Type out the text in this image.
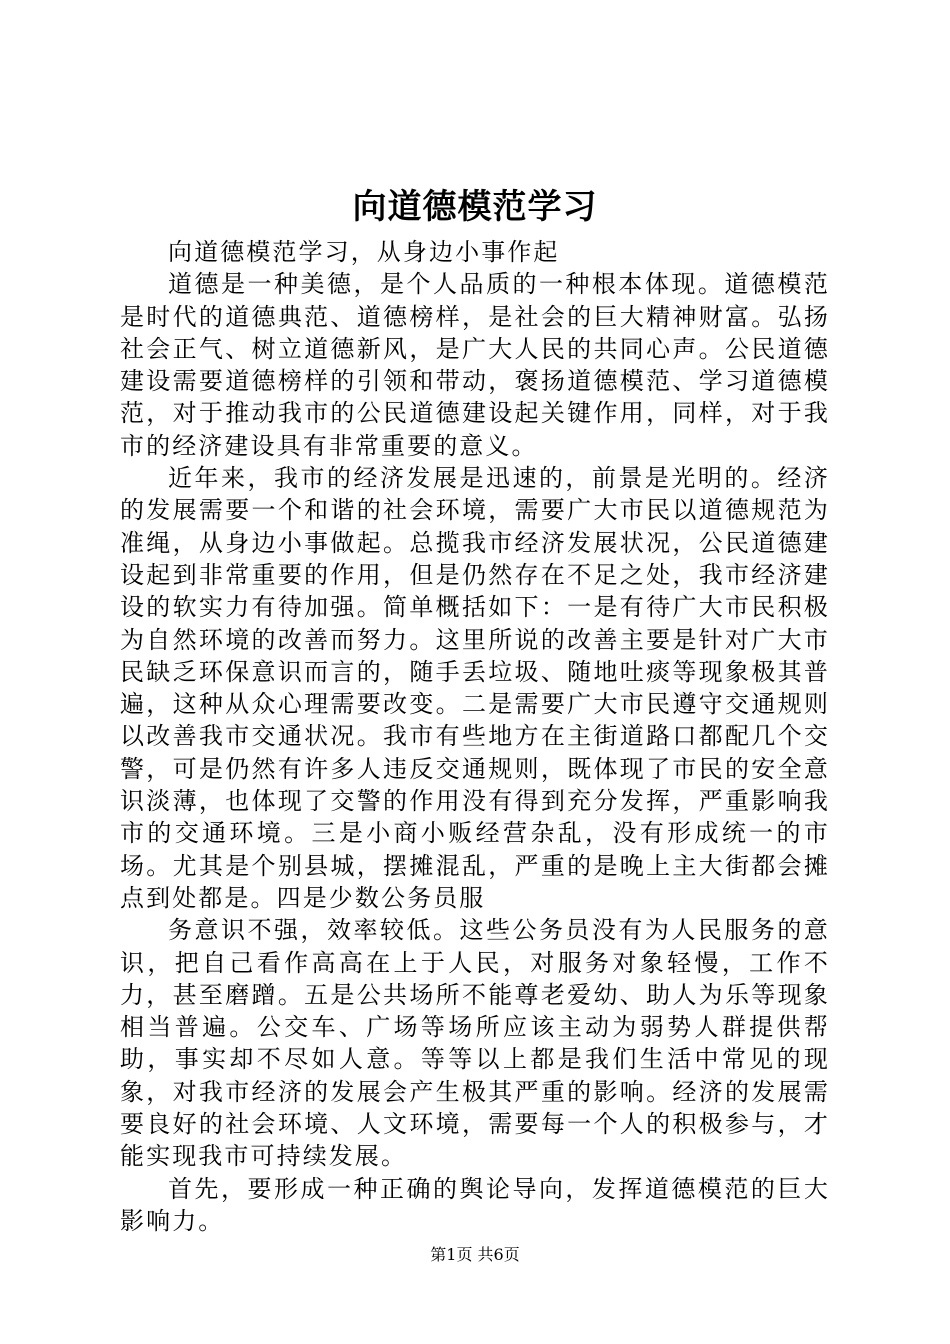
向道德模范学习

向道德模范学习，从身边小事作起

道德是一种美德，是个人品质的一种根本体现。道德模范是时代的道德典范、道德榜样，是社会的巨大精神财富。弘扬社会正气、树立道德新风，是广大人民的共同心声。公民道德建设需要道德榜样的引领和带动，褒扬道德模范、学习道德模范，对于推动我市的公民道德建设起关键作用，同样，对于我市的经济建设具有非常重要的意义。

近年来，我市的经济发展是迅速的，前景是光明的。经济的发展需要一个和谐的社会环境，需要广大市民以道德规范为准绳，从身边小事做起。总揽我市经济发展状况，公民道德建设起到非常重要的作用，但是仍然存在不足之处，我市经济建设的软实力有待加强。简单概括如下：一是有待广大市民积极为自然环境的改善而努力。这里所说的改善主要是针对广大市民缺乏环保意识而言的，随手丢垃圾、随地吐痰等现象极其普遍，这种从众心理需要改变。二是需要广大市民遵守交通规则以改善我市交通状况。我市有些地方在主街道路口都配几个交警，可是仍然有许多人违反交通规则，既体现了市民的安全意识淡薄，也体现了交警的作用没有得到充分发挥，严重影响我市的交通环境。三是小商小贩经营杂乱，没有形成统一的市场。尤其是个别县城，摆摊混乱，严重的是晚上主大街都会摊点到处都是。四是少数公务员服

务意识不强，效率较低。这些公务员没有为人民服务的意识，把自己看作高高在上于人民，对服务对象轻慢，工作不力，甚至磨蹭。五是公共场所不能尊老爱幼、助人为乐等现象相当普遍。公交车、广场等场所应该主动为弱势人群提供帮助，事实却不尽如人意。等等以上都是我们生活中常见的现象，对我市经济的发展会产生极其严重的影响。经济的发展需要良好的社会环境、人文环境，需要每一个人的积极参与，才能实现我市可持续发展。

首先，要形成一种正确的舆论导向，发挥道德模范的巨大影响力。

第1页 共6页
